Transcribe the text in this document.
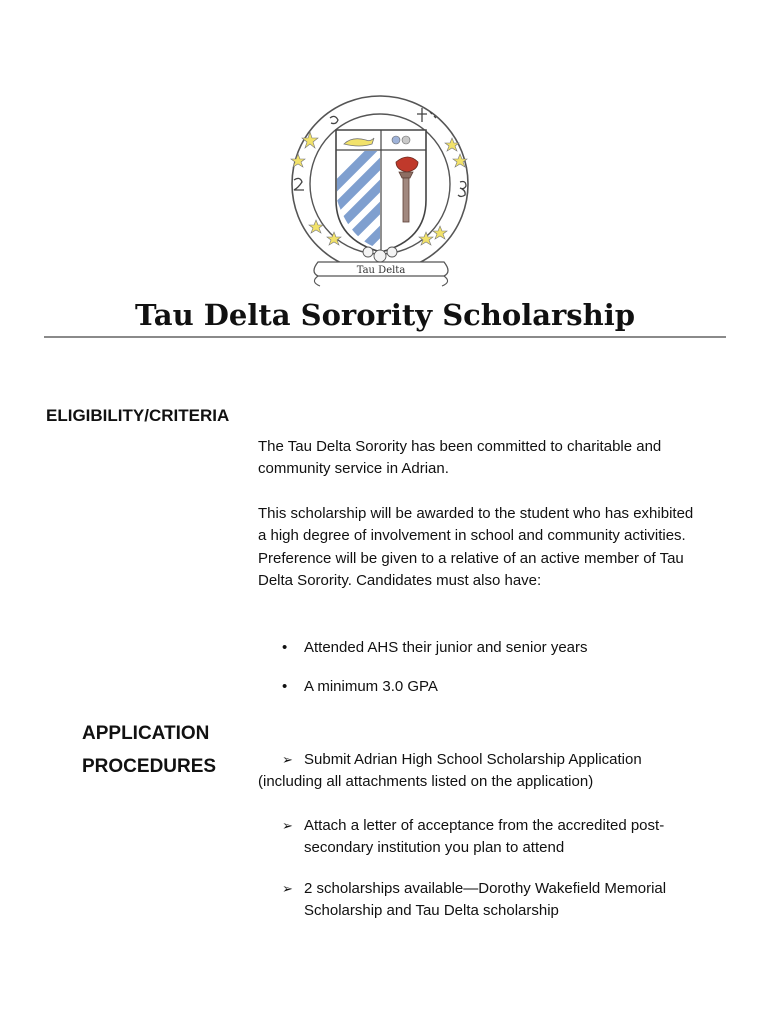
Tau Delta
Tau Delta Sorority Scholarship
ELIGIBILITY/CRITERIA

The Tau Delta Sorority has been committed to charitable and community service in Adrian.

This scholarship will be awarded to the student who has exhibited a high degree of involvement in school and community activities. Preference will be given to a relative of an active member of Tau Delta Sorority. Candidates must also have:

•	Attended AHS their junior and senior years
•	A minimum 3.0 GPA
APPLICATION
PROCEDURES	➢ Submit Adrian High School Scholarship Application
(including all attachments listed on the application)
➢ Attach a letter of acceptance from the accredited post-secondary institution you plan to attend
➢ 2 scholarships available—Dorothy Wakefield Memorial Scholarship and Tau Delta scholarship
